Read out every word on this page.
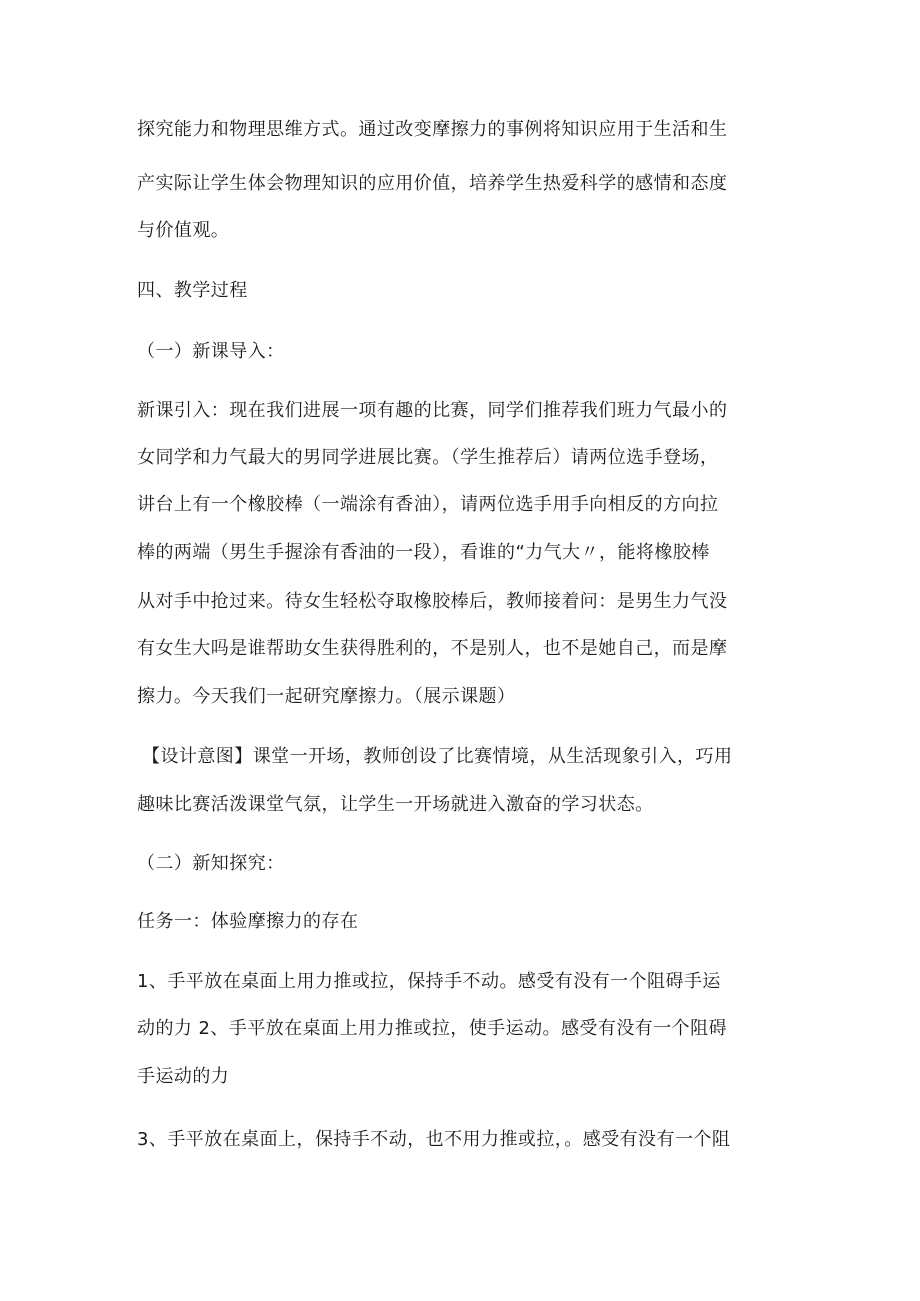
探究能力和物理思维方式。通过改变摩擦力的事例将知识应用于生活和生
产实际让学生体会物理知识的应用价值，培养学生热爱科学的感情和态度
与价值观。
四、教学过程
（一）新课导入：
新课引入：现在我们进展一项有趣的比赛，同学们推荐我们班力气最小的
女同学和力气最大的男同学进展比赛。（学生推荐后）请两位选手登场，
讲台上有一个橡胶棒（一端涂有香油），请两位选手用手向相反的方向拉
棒的两端（男生手握涂有香油的一段），看谁的“力气大〃，能将橡胶棒
从对手中抢过来。待女生轻松夺取橡胶棒后，教师接着问：是男生力气没
有女生大吗是谁帮助女生获得胜利的，不是别人，也不是她自己，而是摩
擦力。今天我们一起研究摩擦力。（展示课题）
【设计意图】课堂一开场，教师创设了比赛情境，从生活现象引入，巧用
趣味比赛活泼课堂气氛，让学生一开场就进入激奋的学习状态。
（二）新知探究：
任务一：体验摩擦力的存在
1、手平放在桌面上用力推或拉，保持手不动。感受有没有一个阻碍手运
动的力 2、手平放在桌面上用力推或拉，使手运动。感受有没有一个阻碍
手运动的力
3、手平放在桌面上，保持手不动，也不用力推或拉，。感受有没有一个阻
